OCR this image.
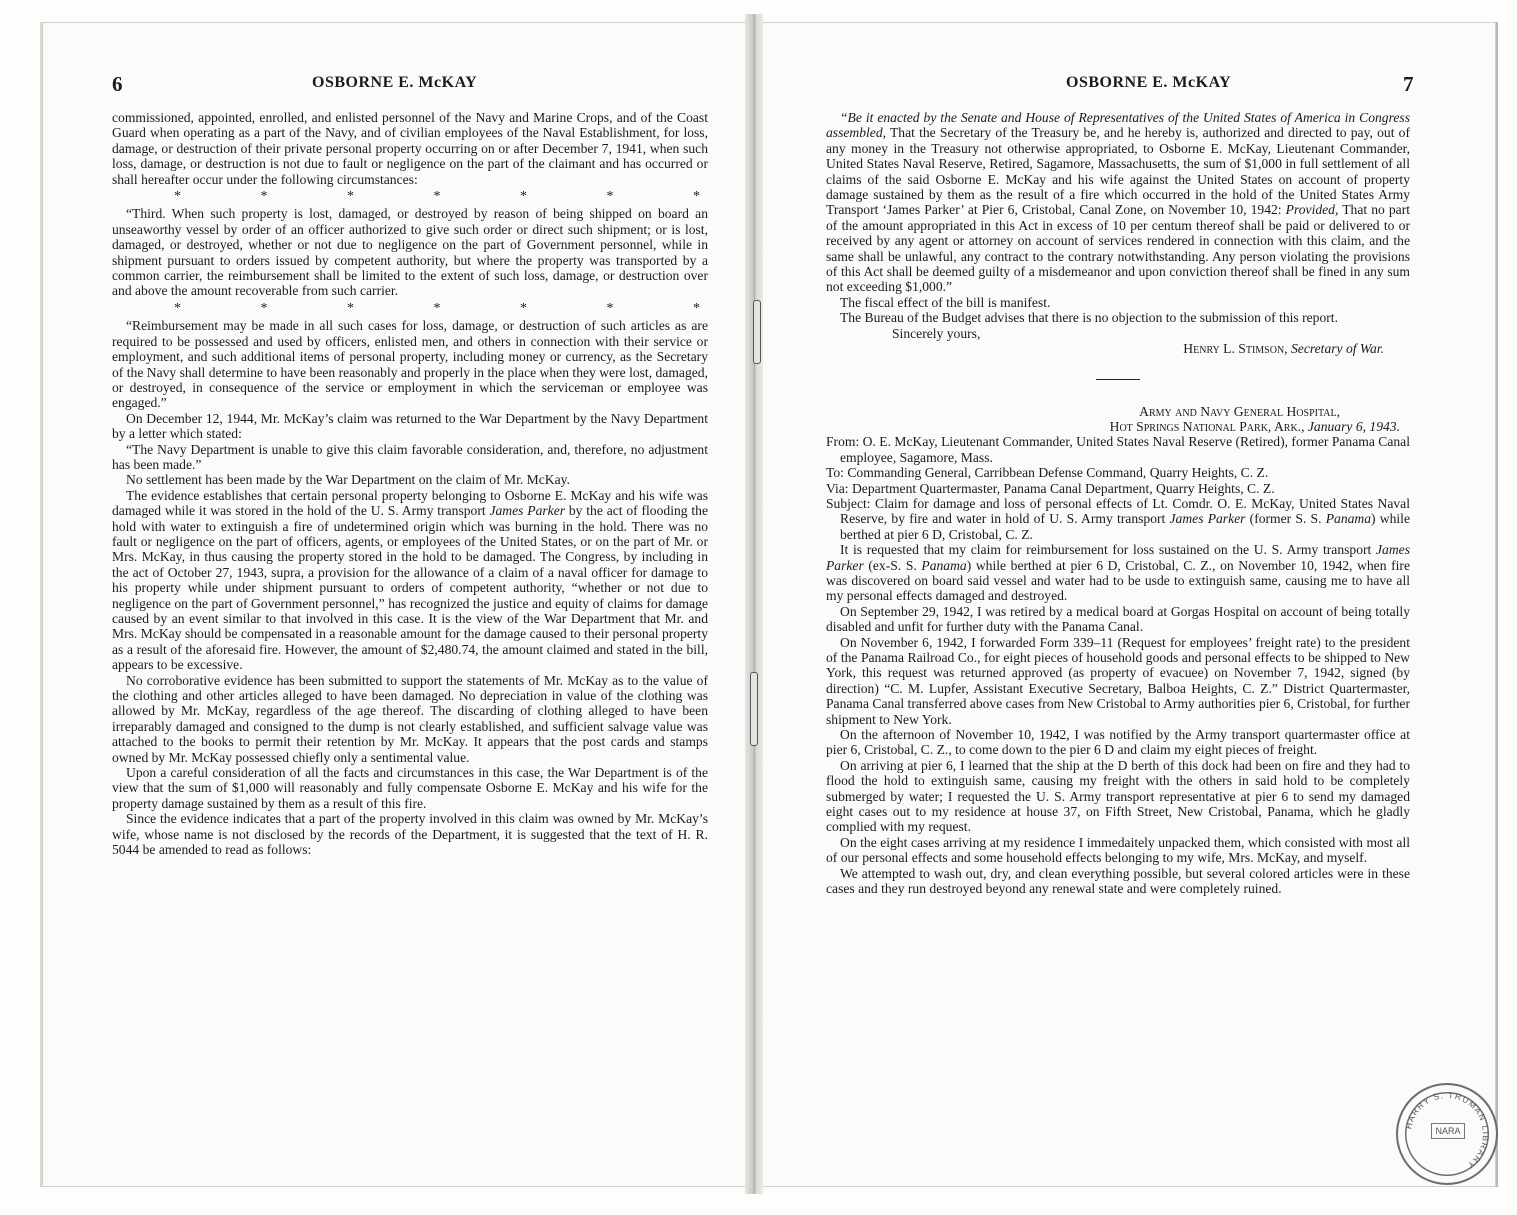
6	OSBORNE E. McKAY

commissioned, appointed, enrolled, and enlisted personnel of the Navy and Marine Crops, and of the Coast Guard when operating as a part of the Navy, and of civilian employees of the Naval Establishment, for loss, damage, or destruction of their private personal property occurring on or after December 7, 1941, when such loss, damage, or destruction is not due to fault or negligence on the part of the claimant and has occurred or shall hereafter occur under the following circumstances:

*	*	*	*	*	*	*

“Third. When such property is lost, damaged, or destroyed by reason of being shipped on board an unseaworthy vessel by order of an officer authorized to give such order or direct such shipment; or is lost, damaged, or destroyed, whether or not due to negligence on the part of Government personnel, while in shipment pursuant to orders issued by competent authority, but where the property was transported by a common carrier, the reimbursement shall be limited to the extent of such loss, damage, or destruction over and above the amount recoverable from such carrier.

*	*	*	*	*	*	*

“Reimbursement may be made in all such cases for loss, damage, or destruction of such articles as are required to be possessed and used by officers, enlisted men, and others in connection with their service or employment, and such additional items of personal property, including money or currency, as the Secretary of the Navy shall determine to have been reasonably and properly in the place when they were lost, damaged, or destroyed, in consequence of the service or employment in which the serviceman or employee was engaged.”

On December 12, 1944, Mr. McKay’s claim was returned to the War Department by the Navy Department by a letter which stated:

“The Navy Department is unable to give this claim favorable consideration, and, therefore, no adjustment has been made.”

No settlement has been made by the War Department on the claim of Mr. McKay.

The evidence establishes that certain personal property belonging to Osborne E. McKay and his wife was damaged while it was stored in the hold of the U. S. Army transport James Parker by the act of flooding the hold with water to extinguish a fire of undetermined origin which was burning in the hold. There was no fault or negligence on the part of officers, agents, or employees of the United States, or on the part of Mr. or Mrs. McKay, in thus causing the property stored in the hold to be damaged. The Congress, by including in the act of October 27, 1943, supra, a provision for the allowance of a claim of a naval officer for damage to his property while under shipment pursuant to orders of competent authority, “whether or not due to negligence on the part of Government personnel,” has recognized the justice and equity of claims for damage caused by an event similar to that involved in this case. It is the view of the War Department that Mr. and Mrs. McKay should be compensated in a reasonable amount for the damage caused to their personal property as a result of the aforesaid fire. However, the amount of $2,480.74, the amount claimed and stated in the bill, appears to be excessive.

No corroborative evidence has been submitted to support the statements of Mr. McKay as to the value of the clothing and other articles alleged to have been damaged. No depreciation in value of the clothing was allowed by Mr. McKay, regardless of the age thereof. The discarding of clothing alleged to have been irreparably damaged and consigned to the dump is not clearly established, and sufficient salvage value was attached to the books to permit their retention by Mr. McKay. It appears that the post cards and stamps owned by Mr. McKay possessed chiefly only a sentimental value.

Upon a careful consideration of all the facts and circumstances in this case, the War Department is of the view that the sum of $1,000 will reasonably and fully compensate Osborne E. McKay and his wife for the property damage sustained by them as a result of this fire.

Since the evidence indicates that a part of the property involved in this claim was owned by Mr. McKay’s wife, whose name is not disclosed by the records of the Department, it is suggested that the text of H. R. 5044 be amended to read as follows:

OSBORNE E. McKAY	7

“Be it enacted by the Senate and House of Representatives of the United States of America in Congress assembled, That the Secretary of the Treasury be, and he hereby is, authorized and directed to pay, out of any money in the Treasury not otherwise appropriated, to Osborne E. McKay, Lieutenant Commander, United States Naval Reserve, Retired, Sagamore, Massachusetts, the sum of $1,000 in full settlement of all claims of the said Osborne E. McKay and his wife against the United States on account of property damage sustained by them as the result of a fire which occurred in the hold of the United States Army Transport ‘James Parker’ at Pier 6, Cristobal, Canal Zone, on November 10, 1942: Provided, That no part of the amount appropriated in this Act in excess of 10 per centum thereof shall be paid or delivered to or received by any agent or attorney on account of services rendered in connection with this claim, and the same shall be unlawful, any contract to the contrary notwithstanding. Any person violating the provisions of this Act shall be deemed guilty of a misdemeanor and upon conviction thereof shall be fined in any sum not exceeding $1,000.”

The fiscal effect of the bill is manifest.

The Bureau of the Budget advises that there is no objection to the submission of this report.

Sincerely yours,

Henry L. Stimson, Secretary of War.

Army and Navy General Hospital,

Hot Springs National Park, Ark., January 6, 1943.

From: O. E. McKay, Lieutenant Commander, United States Naval Reserve (Retired), former Panama Canal employee, Sagamore, Mass.

To: Commanding General, Carribbean Defense Command, Quarry Heights, C. Z.

Via: Department Quartermaster, Panama Canal Department, Quarry Heights, C. Z.

Subject: Claim for damage and loss of personal effects of Lt. Comdr. O. E. McKay, United States Naval Reserve, by fire and water in hold of U. S. Army transport James Parker (former S. S. Panama) while berthed at pier 6 D, Cristobal, C. Z.

It is requested that my claim for reimbursement for loss sustained on the U. S. Army transport James Parker (ex-S. S. Panama) while berthed at pier 6 D, Cristobal, C. Z., on November 10, 1942, when fire was discovered on board said vessel and water had to be usde to extinguish same, causing me to have all my personal effects damaged and destroyed.

On September 29, 1942, I was retired by a medical board at Gorgas Hospital on account of being totally disabled and unfit for further duty with the Panama Canal.

On November 6, 1942, I forwarded Form 339–11 (Request for employees’ freight rate) to the president of the Panama Railroad Co., for eight pieces of household goods and personal effects to be shipped to New York, this request was returned approved (as property of evacuee) on November 7, 1942, signed (by direction) “C. M. Lupfer, Assistant Executive Secretary, Balboa Heights, C. Z.” District Quartermaster, Panama Canal transferred above cases from New Cristobal to Army authorities pier 6, Cristobal, for further shipment to New York.

On the afternoon of November 10, 1942, I was notified by the Army transport quartermaster office at pier 6, Cristobal, C. Z., to come down to the pier 6 D and claim my eight pieces of freight.

On arriving at pier 6, I learned that the ship at the D berth of this dock had been on fire and they had to flood the hold to extinguish same, causing my freight with the others in said hold to be completely submerged by water; I requested the U. S. Army transport representative at pier 6 to send my damaged eight cases out to my residence at house 37, on Fifth Street, New Cristobal, Panama, which he gladly complied with my request.

On the eight cases arriving at my residence I immedaitely unpacked them, which consisted with most all of our personal effects and some household effects belonging to my wife, Mrs. McKay, and myself.

We attempted to wash out, dry, and clean everything possible, but several colored articles were in these cases and they run destroyed beyond any renewal state and were completely ruined.

HARRY S. TRUMAN LIBRARY
NARA
